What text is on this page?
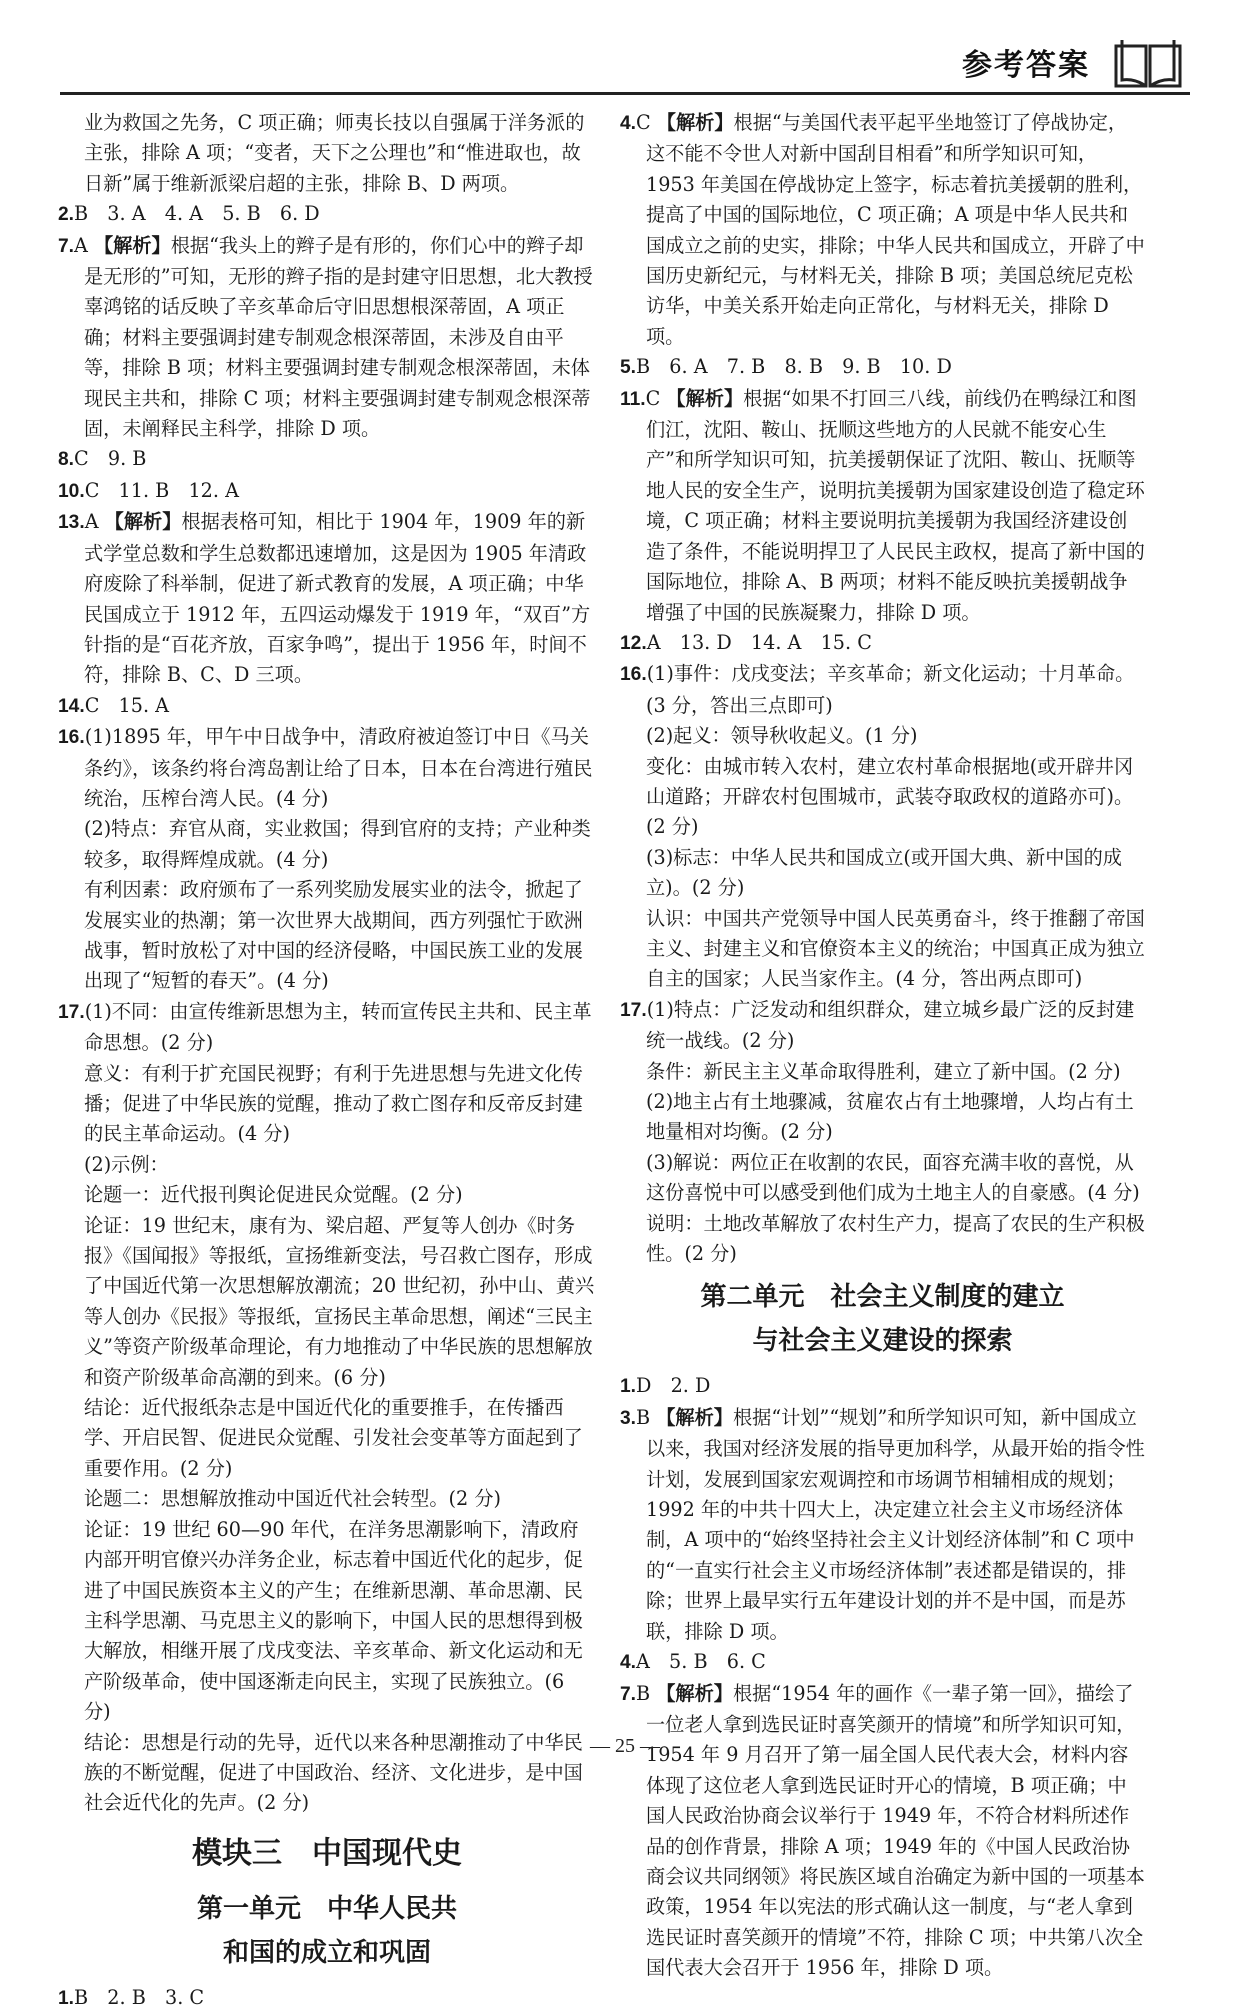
参考答案

业为救国之先务，C 项正确；师夷长技以自强属于洋务派的主张，排除 A 项；“变者，天下之公理也”和“惟进取也，故日新”属于维新派梁启超的主张，排除 B、D 两项。

2.B　3. A　4. A　5. B　6. D

7.A 【解析】根据“我头上的辫子是有形的，你们心中的辫子却是无形的”可知，无形的辫子指的是封建守旧思想，北大教授辜鸿铭的话反映了辛亥革命后守旧思想根深蒂固，A 项正确；材料主要强调封建专制观念根深蒂固，未涉及自由平等，排除 B 项；材料主要强调封建专制观念根深蒂固，未体现民主共和，排除 C 项；材料主要强调封建专制观念根深蒂固，未阐释民主科学，排除 D 项。

8.C　9. B

10.C　11. B　12. A

13.A 【解析】根据表格可知，相比于 1904 年，1909 年的新式学堂总数和学生总数都迅速增加，这是因为 1905 年清政府废除了科举制，促进了新式教育的发展，A 项正确；中华民国成立于 1912 年，五四运动爆发于 1919 年，“双百”方针指的是“百花齐放，百家争鸣”，提出于 1956 年，时间不符，排除 B、C、D 三项。

14.C　15. A

16.(1)1895 年，甲午中日战争中，清政府被迫签订中日《马关条约》，该条约将台湾岛割让给了日本，日本在台湾进行殖民统治，压榨台湾人民。(4 分)

(2)特点：弃官从商，实业救国；得到官府的支持；产业种类较多，取得辉煌成就。(4 分)

有利因素：政府颁布了一系列奖励发展实业的法令，掀起了发展实业的热潮；第一次世界大战期间，西方列强忙于欧洲战事，暂时放松了对中国的经济侵略，中国民族工业的发展出现了“短暂的春天”。(4 分)

17.(1)不同：由宣传维新思想为主，转而宣传民主共和、民主革命思想。(2 分)

意义：有利于扩充国民视野；有利于先进思想与先进文化传播；促进了中华民族的觉醒，推动了救亡图存和反帝反封建的民主革命运动。(4 分)

(2)示例：

论题一：近代报刊舆论促进民众觉醒。(2 分)

论证：19 世纪末，康有为、梁启超、严复等人创办《时务报》《国闻报》等报纸，宣扬维新变法，号召救亡图存，形成了中国近代第一次思想解放潮流；20 世纪初，孙中山、黄兴等人创办《民报》等报纸，宣扬民主革命思想，阐述“三民主义”等资产阶级革命理论，有力地推动了中华民族的思想解放和资产阶级革命高潮的到来。(6 分)

结论：近代报纸杂志是中国近代化的重要推手，在传播西学、开启民智、促进民众觉醒、引发社会变革等方面起到了重要作用。(2 分)

论题二：思想解放推动中国近代社会转型。(2 分)

论证：19 世纪 60—90 年代，在洋务思潮影响下，清政府内部开明官僚兴办洋务企业，标志着中国近代化的起步，促进了中国民族资本主义的产生；在维新思潮、革命思潮、民主科学思潮、马克思主义的影响下，中国人民的思想得到极大解放，相继开展了戊戌变法、辛亥革命、新文化运动和无产阶级革命，使中国逐渐走向民主，实现了民族独立。(6 分)

结论：思想是行动的先导，近代以来各种思潮推动了中华民族的不断觉醒，促进了中国政治、经济、文化进步，是中国社会近代化的先声。(2 分)

模块三　中国现代史
第一单元　中华人民共
和国的成立和巩固

1.B　2. B　3. C

4.C 【解析】根据“与美国代表平起平坐地签订了停战协定，这不能不令世人对新中国刮目相看”和所学知识可知，1953 年美国在停战协定上签字，标志着抗美援朝的胜利，提高了中国的国际地位，C 项正确；A 项是中华人民共和国成立之前的史实，排除；中华人民共和国成立，开辟了中国历史新纪元，与材料无关，排除 B 项；美国总统尼克松访华，中美关系开始走向正常化，与材料无关，排除 D 项。

5.B　6. A　7. B　8. B　9. B　10. D

11.C 【解析】根据“如果不打回三八线，前线仍在鸭绿江和图们江，沈阳、鞍山、抚顺这些地方的人民就不能安心生产”和所学知识可知，抗美援朝保证了沈阳、鞍山、抚顺等地人民的安全生产，说明抗美援朝为国家建设创造了稳定环境，C 项正确；材料主要说明抗美援朝为我国经济建设创造了条件，不能说明捍卫了人民民主政权，提高了新中国的国际地位，排除 A、B 两项；材料不能反映抗美援朝战争增强了中国的民族凝聚力，排除 D 项。

12.A　13. D　14. A　15. C

16.(1)事件：戊戌变法；辛亥革命；新文化运动；十月革命。(3 分，答出三点即可)

(2)起义：领导秋收起义。(1 分)

变化：由城市转入农村，建立农村革命根据地(或开辟井冈山道路；开辟农村包围城市，武装夺取政权的道路亦可)。(2 分)

(3)标志：中华人民共和国成立(或开国大典、新中国的成立)。(2 分)

认识：中国共产党领导中国人民英勇奋斗，终于推翻了帝国主义、封建主义和官僚资本主义的统治；中国真正成为独立自主的国家；人民当家作主。(4 分，答出两点即可)

17.(1)特点：广泛发动和组织群众，建立城乡最广泛的反封建统一战线。(2 分)

条件：新民主主义革命取得胜利，建立了新中国。(2 分)

(2)地主占有土地骤减，贫雇农占有土地骤增，人均占有土地量相对均衡。(2 分)

(3)解说：两位正在收割的农民，面容充满丰收的喜悦，从这份喜悦中可以感受到他们成为土地主人的自豪感。(4 分)

说明：土地改革解放了农村生产力，提高了农民的生产积极性。(2 分)

第二单元　社会主义制度的建立
与社会主义建设的探索

1.D　2. D

3.B 【解析】根据“计划”“规划”和所学知识可知，新中国成立以来，我国对经济发展的指导更加科学，从最开始的指令性计划，发展到国家宏观调控和市场调节相辅相成的规划；1992 年的中共十四大上，决定建立社会主义市场经济体制，A 项中的“始终坚持社会主义计划经济体制”和 C 项中的“一直实行社会主义市场经济体制”表述都是错误的，排除；世界上最早实行五年建设计划的并不是中国，而是苏联，排除 D 项。

4.A　5. B　6. C

7.B 【解析】根据“1954 年的画作《一辈子第一回》，描绘了一位老人拿到选民证时喜笑颜开的情境”和所学知识可知，1954 年 9 月召开了第一届全国人民代表大会，材料内容体现了这位老人拿到选民证时开心的情境，B 项正确；中国人民政治协商会议举行于 1949 年，不符合材料所述作品的创作背景，排除 A 项；1949 年的《中国人民政治协商会议共同纲领》将民族区域自治确定为新中国的一项基本政策，1954 年以宪法的形式确认这一制度，与“老人拿到选民证时喜笑颜开的情境”不符，排除 C 项；中共第八次全国代表大会召开于 1956 年，排除 D 项。

— 25 —
